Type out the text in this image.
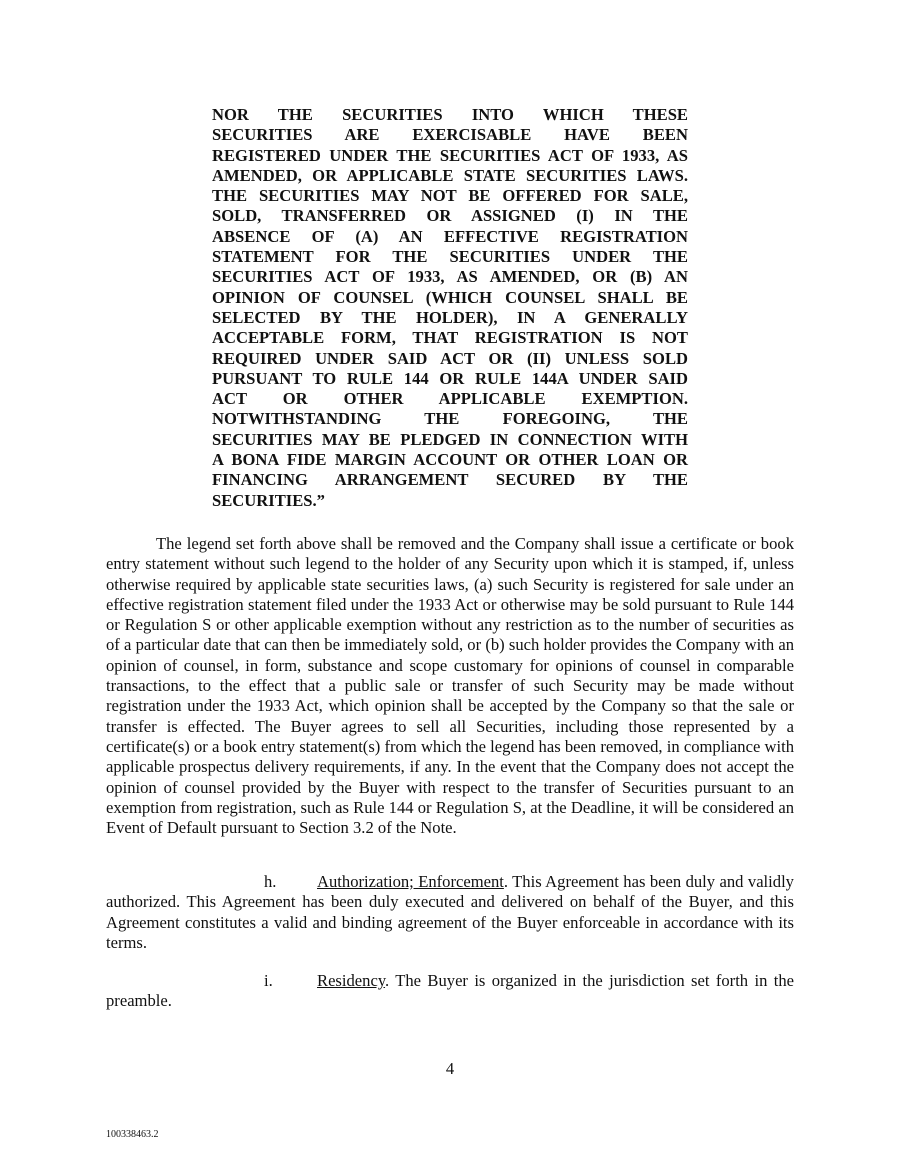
NOR THE SECURITIES INTO WHICH THESE
SECURITIES ARE EXERCISABLE HAVE BEEN
REGISTERED UNDER THE SECURITIES ACT OF 1933, AS
AMENDED, OR APPLICABLE STATE SECURITIES LAWS.
THE SECURITIES MAY NOT BE OFFERED FOR SALE,
SOLD, TRANSFERRED OR ASSIGNED (I) IN THE
ABSENCE OF (A) AN EFFECTIVE REGISTRATION
STATEMENT FOR THE SECURITIES UNDER THE
SECURITIES ACT OF 1933, AS AMENDED, OR (B) AN
OPINION OF COUNSEL (WHICH COUNSEL SHALL BE
SELECTED BY THE HOLDER), IN A GENERALLY
ACCEPTABLE FORM, THAT REGISTRATION IS NOT
REQUIRED UNDER SAID ACT OR (II) UNLESS SOLD
PURSUANT TO RULE 144 OR RULE 144A UNDER SAID
ACT OR OTHER APPLICABLE EXEMPTION.
NOTWITHSTANDING THE FOREGOING, THE
SECURITIES MAY BE PLEDGED IN CONNECTION WITH
A BONA FIDE MARGIN ACCOUNT OR OTHER LOAN OR
FINANCING ARRANGEMENT SECURED BY THE
SECURITIES.”
The legend set forth above shall be removed and the Company shall issue a certificate or book entry statement without such legend to the holder of any Security upon which it is stamped, if, unless otherwise required by applicable state securities laws, (a) such Security is registered for sale under an effective registration statement filed under the 1933 Act or otherwise may be sold pursuant to Rule 144 or Regulation S or other applicable exemption without any restriction as to the number of securities as of a particular date that can then be immediately sold, or (b) such holder provides the Company with an opinion of counsel, in form, substance and scope customary for opinions of counsel in comparable transactions, to the effect that a public sale or transfer of such Security may be made without registration under the 1933 Act, which opinion shall be accepted by the Company so that the sale or transfer is effected. The Buyer agrees to sell all Securities, including those represented by a certificate(s) or a book entry statement(s) from which the legend has been removed, in compliance with applicable prospectus delivery requirements, if any. In the event that the Company does not accept the opinion of counsel provided by the Buyer with respect to the transfer of Securities pursuant to an exemption from registration, such as Rule 144 or Regulation S, at the Deadline, it will be considered an Event of Default pursuant to Section 3.2 of the Note.
h. Authorization; Enforcement. This Agreement has been duly and validly authorized. This Agreement has been duly executed and delivered on behalf of the Buyer, and this Agreement constitutes a valid and binding agreement of the Buyer enforceable in accordance with its terms.
i.	Residency. The Buyer is organized in the jurisdiction set forth in the preamble.
4
100338463.2
